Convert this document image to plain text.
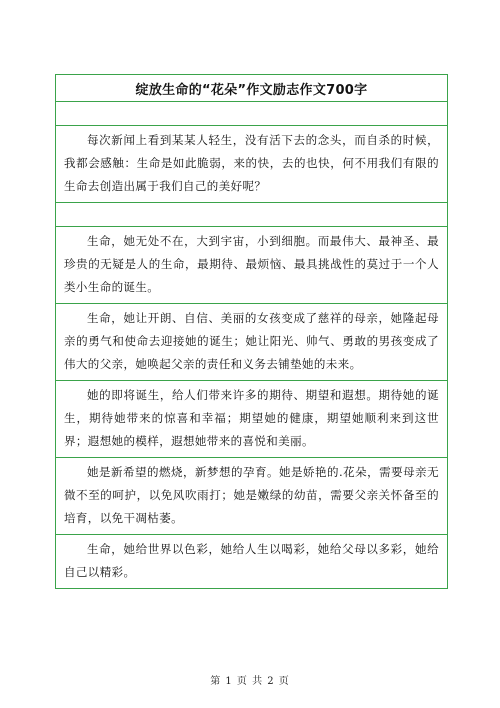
绽放生命的“花朵”作文励志作文700字

每次新闻上看到某某人轻生，没有活下去的念头，而自杀的时候，我都会感触：生命是如此脆弱，来的快，去的也快，何不用我们有限的生命去创造出属于我们自己的美好呢？

生命，她无处不在，大到宇宙，小到细胞。而最伟大、最神圣、最珍贵的无疑是人的生命，最期待、最烦恼、最具挑战性的莫过于一个人类小生命的诞生。

生命，她让开朗、自信、美丽的女孩变成了慈祥的母亲，她隆起母亲的勇气和使命去迎接她的诞生；她让阳光、帅气、勇敢的男孩变成了伟大的父亲，她唤起父亲的责任和义务去铺垫她的未来。

她的即将诞生，给人们带来许多的期待、期望和遐想。期待她的诞生，期待她带来的惊喜和幸福；期望她的健康，期望她顺利来到这世界；遐想她的模样，遐想她带来的喜悦和美丽。

她是新希望的燃烧，新梦想的孕育。她是娇艳的.花朵，需要母亲无微不至的呵护，以免风吹雨打；她是嫩绿的幼苗，需要父亲关怀备至的培育，以免干凋枯萎。

生命，她给世界以色彩，她给人生以喝彩，她给父母以多彩，她给自己以精彩。

第 1 页 共 2 页
